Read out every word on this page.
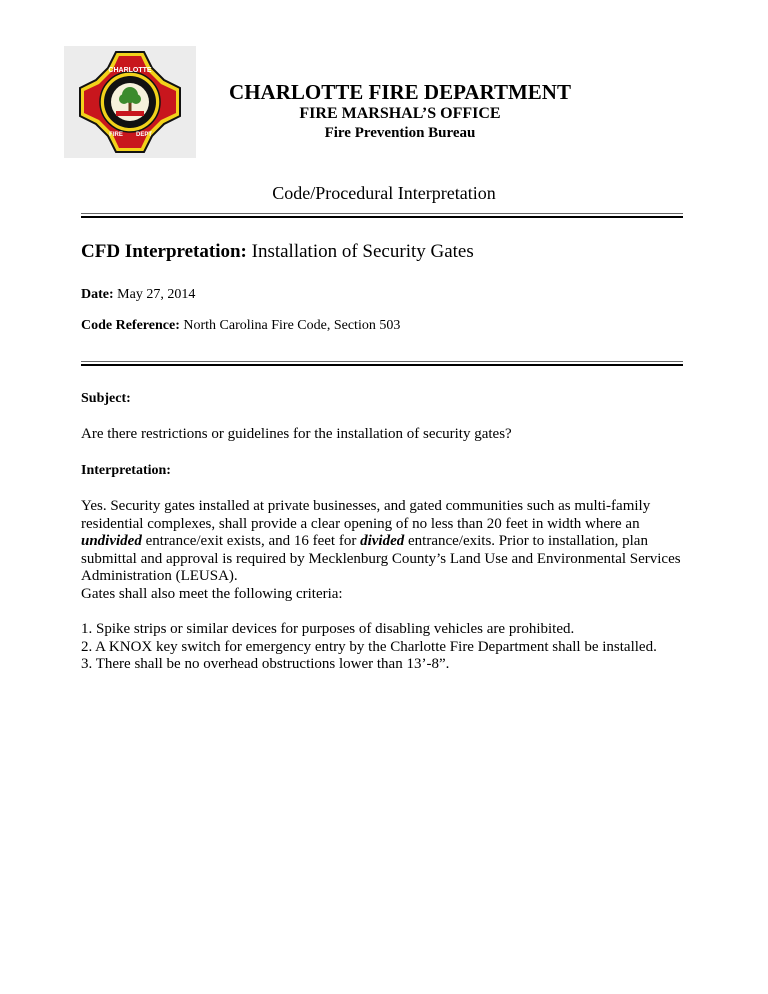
CHARLOTTE
FIRE DEPT
CHARLOTTE FIRE DEPARTMENT
FIRE MARSHAL’S OFFICE
Fire Prevention Bureau
Code/Procedural Interpretation
CFD Interpretation: Installation of Security Gates
Date: May 27, 2014
Code Reference: North Carolina Fire Code, Section 503
Subject:
Are there restrictions or guidelines for the installation of security gates?
Interpretation:
Yes. Security gates installed at private businesses, and gated communities such as multi-family residential complexes, shall provide a clear opening of no less than 20 feet in width where an undivided entrance/exit exists, and 16 feet for divided entrance/exits. Prior to installation, plan submittal and approval is required by Mecklenburg County’s Land Use and Environmental Services Administration (LEUSA).
Gates shall also meet the following criteria:
1. Spike strips or similar devices for purposes of disabling vehicles are prohibited.
2. A KNOX key switch for emergency entry by the Charlotte Fire Department shall be installed.
3. There shall be no overhead obstructions lower than 13’-8”.
